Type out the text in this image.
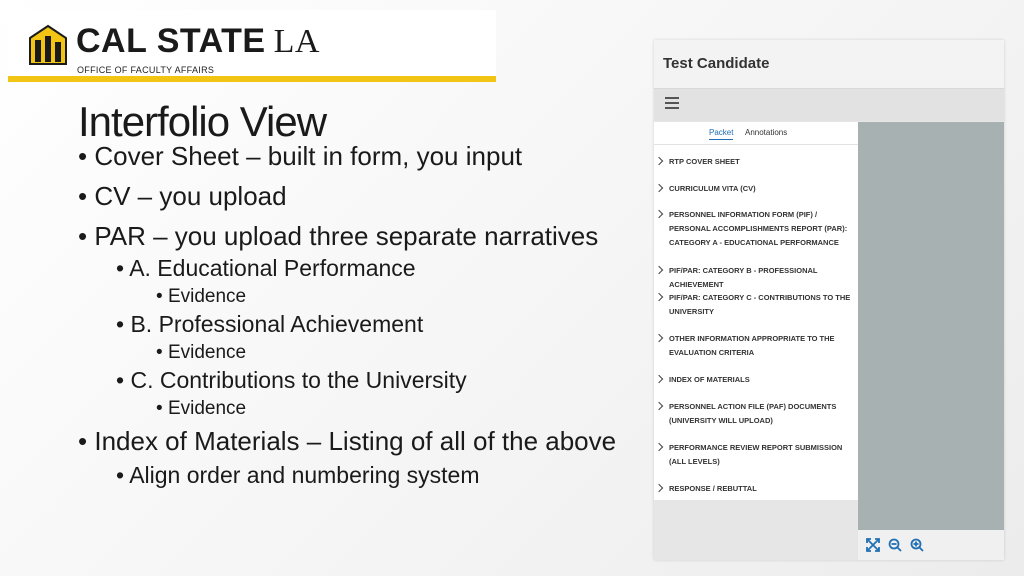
CAL STATE LA
OFFICE OF FACULTY AFFAIRS
Interfolio View
• Cover Sheet – built in form, you input
• CV – you upload
• PAR – you upload three separate narratives
• A. Educational Performance
• Evidence
• B. Professional Achievement
• Evidence
• C. Contributions to the University
• Evidence
• Index of Materials – Listing of all of the above
• Align order and numbering system
Test Candidate
Packet Annotations
RTP COVER SHEET
CURRICULUM VITA (CV)
PERSONNEL INFORMATION FORM (PIF) / PERSONAL ACCOMPLISHMENTS REPORT (PAR): CATEGORY A - EDUCATIONAL PERFORMANCE
PIF/PAR: CATEGORY B - PROFESSIONAL ACHIEVEMENT
PIF/PAR: CATEGORY C - CONTRIBUTIONS TO THE UNIVERSITY
OTHER INFORMATION APPROPRIATE TO THE EVALUATION CRITERIA
INDEX OF MATERIALS
PERSONNEL ACTION FILE (PAF) DOCUMENTS (UNIVERSITY WILL UPLOAD)
PERFORMANCE REVIEW REPORT SUBMISSION (ALL LEVELS)
RESPONSE / REBUTTAL
